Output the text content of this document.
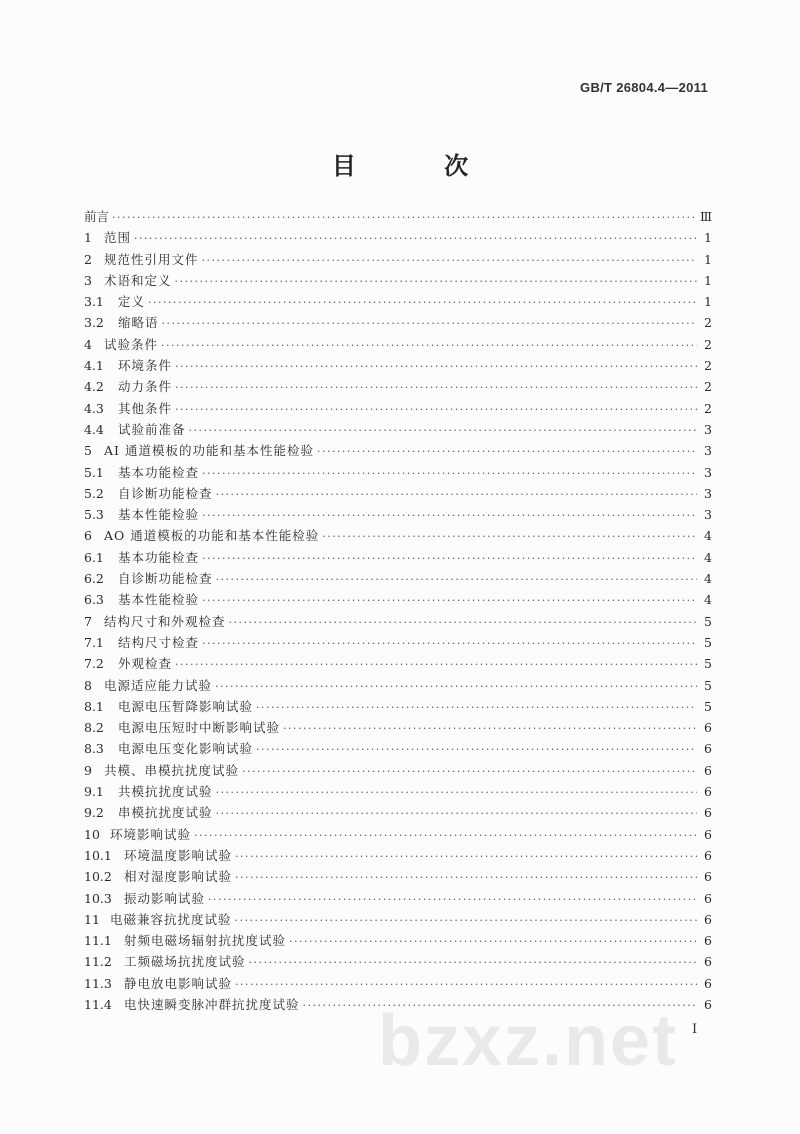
GB/T 26804.4—2011
目 次
前言 ·····	Ⅲ
1 范围 ·····	1
2 规范性引用文件 ·····	1
3 术语和定义 ·····	1
3.1	定义 ·····	1
3.2	缩略语 ·····	2
4 试验条件 ·····	2
4.1	环境条件 ·····	2
4.2	动力条件 ·····	2
4.3	其他条件 ·····	2
4.4	试验前准备 ·····	3
5 AI 通道模板的功能和基本性能检验 ·····	3
5.1	基本功能检查 ·····	3
5.2	自诊断功能检查 ·····	3
5.3	基本性能检验 ·····	3
6 AO 通道模板的功能和基本性能检验 ·····	4
6.1	基本功能检查 ·····	4
6.2	自诊断功能检查 ·····	4
6.3	基本性能检验 ·····	4
7 结构尺寸和外观检查 ·····	5
7.1	结构尺寸检查 ·····	5
7.2	外观检查 ·····	5
8 电源适应能力试验 ·····	5
8.1	电源电压暂降影响试验 ·····	5
8.2	电源电压短时中断影响试验 ·····	6
8.3	电源电压变化影响试验 ·····	6
9 共模、串模抗扰度试验 ·····	6
9.1	共模抗扰度试验 ·····	6
9.2	串模抗扰度试验 ·····	6
10 环境影响试验 ·····	6
10.1 环境温度影响试验 ·····	6
10.2 相对湿度影响试验 ·····	6
10.3 振动影响试验 ·····	6
11 电磁兼容抗扰度试验 ·····	6
11.1 射频电磁场辐射抗扰度试验 ·····	6
11.2 工频磁场抗扰度试验 ·····	6
11.3 静电放电影响试验 ·····	6
11.4 电快速瞬变脉冲群抗扰度试验 ·····	6
I
bzxz.net
